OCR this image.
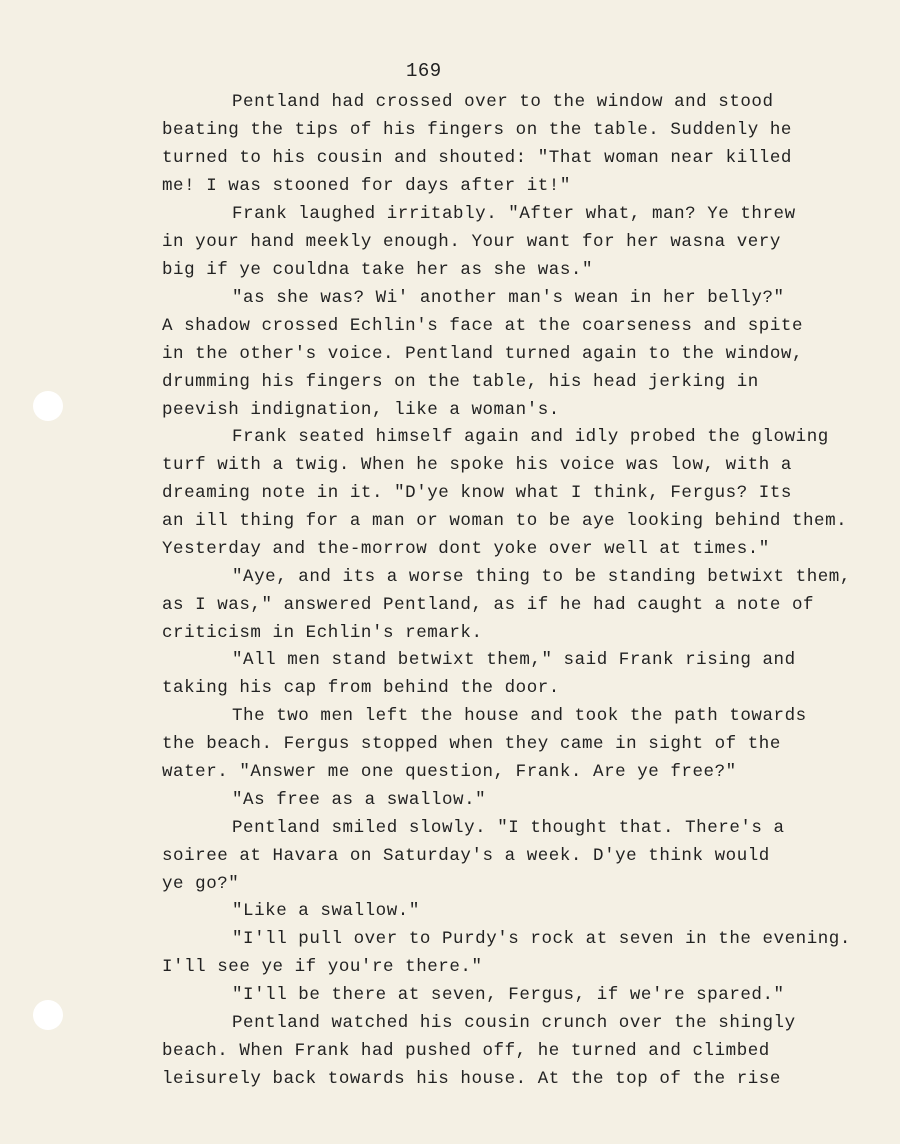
169
Pentland had crossed over to the window and stood
beating the tips of his fingers on the table. Suddenly he
turned to his cousin and shouted: "That woman near killed
me! I was stooned for days after it!"
Frank laughed irritably. "After what, man? Ye threw
in your hand meekly enough. Your want for her wasna very
big if ye couldna take her as she was."
"as she was? Wi' another man's wean in her belly?"
A shadow crossed Echlin's face at the coarseness and spite
in the other's voice. Pentland turned again to the window,
drumming his fingers on the table, his head jerking in
peevish indignation, like a woman's.
Frank seated himself again and idly probed the glowing
turf with a twig. When he spoke his voice was low, with a
dreaming note in it. "D'ye know what I think, Fergus? Its
an ill thing for a man or woman to be aye looking behind them.
Yesterday and the-morrow dont yoke over well at times."
"Aye, and its a worse thing to be standing betwixt them,
as I was," answered Pentland, as if he had caught a note of
criticism in Echlin's remark.
"All men stand betwixt them," said Frank rising and
taking his cap from behind the door.
The two men left the house and took the path towards
the beach. Fergus stopped when they came in sight of the
water. "Answer me one question, Frank. Are ye free?"
"As free as a swallow."
Pentland smiled slowly. "I thought that. There's a
soiree at Havara on Saturday's a week. D'ye think would
ye go?"
"Like a swallow."
"I'll pull over to Purdy's rock at seven in the evening.
I'll see ye if you're there."
"I'll be there at seven, Fergus, if we're spared."
Pentland watched his cousin crunch over the shingly
beach. When Frank had pushed off, he turned and climbed
leisurely back towards his house. At the top of the rise
